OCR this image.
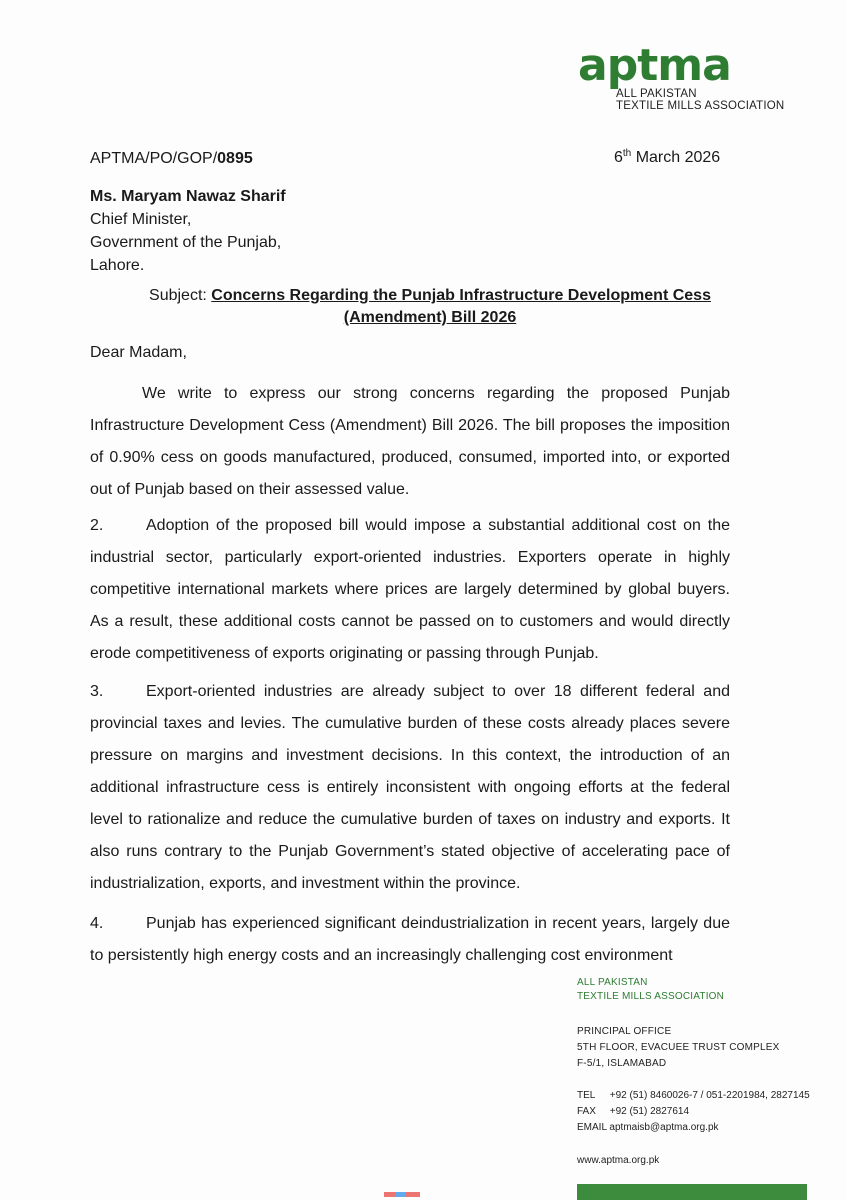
aptma
ALL PAKISTAN
TEXTILE MILLS ASSOCIATION
APTMA/PO/GOP/0895	6th March 2026
Ms. Maryam Nawaz Sharif
Chief Minister,
Government of the Punjab,
Lahore.
Subject: Concerns Regarding the Punjab Infrastructure Development Cess (Amendment) Bill 2026
Dear Madam,
We write to express our strong concerns regarding the proposed Punjab Infrastructure Development Cess (Amendment) Bill 2026. The bill proposes the imposition of 0.90% cess on goods manufactured, produced, consumed, imported into, or exported out of Punjab based on their assessed value.
2.	Adoption of the proposed bill would impose a substantial additional cost on the industrial sector, particularly export-oriented industries. Exporters operate in highly competitive international markets where prices are largely determined by global buyers. As a result, these additional costs cannot be passed on to customers and would directly erode competitiveness of exports originating or passing through Punjab.
3.	Export-oriented industries are already subject to over 18 different federal and provincial taxes and levies. The cumulative burden of these costs already places severe pressure on margins and investment decisions. In this context, the introduction of an additional infrastructure cess is entirely inconsistent with ongoing efforts at the federal level to rationalize and reduce the cumulative burden of taxes on industry and exports. It also runs contrary to the Punjab Government’s stated objective of accelerating pace of industrialization, exports, and investment within the province.
4.	Punjab has experienced significant deindustrialization in recent years, largely due to persistently high energy costs and an increasingly challenging cost environment
ALL PAKISTAN
TEXTILE MILLS ASSOCIATION
PRINCIPAL OFFICE
5TH FLOOR, EVACUEE TRUST COMPLEX
F-5/1, ISLAMABAD
TEL +92 (51) 8460026-7 / 051-2201984, 2827145
FAX +92 (51) 2827614
EMAIL aptmaisb@aptma.org.pk
www.aptma.org.pk
